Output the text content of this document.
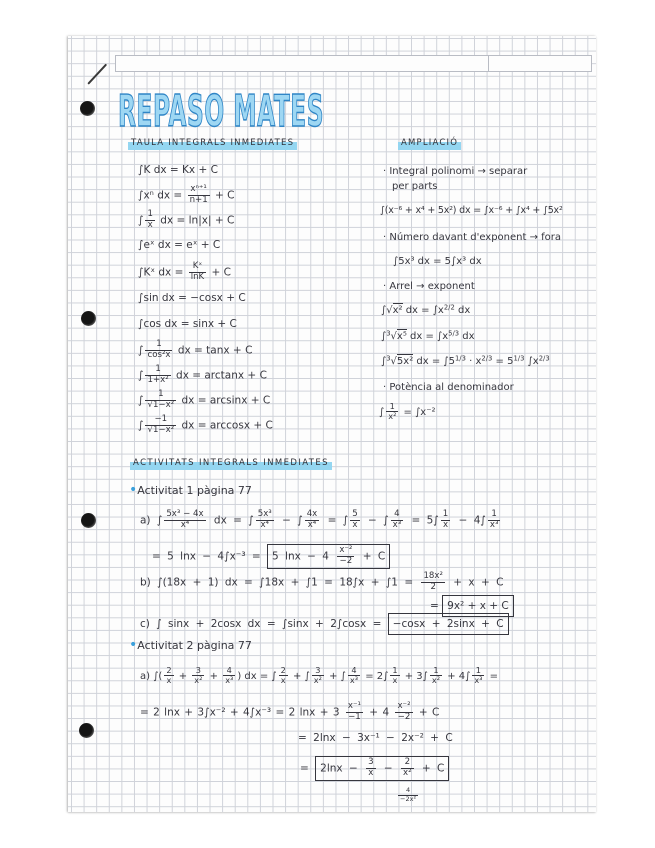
REPASO MATES
TAULA INTEGRALS INMEDIATES
∫K dx = Kx + C
∫xⁿ dx = $\frac{\text{xⁿ⁺¹}}{n+1} + C$
∫ $\frac{1}{x}$ dx = ln|x| + C
∫eˣ dx = eˣ + C
∫Kˣ dx = $\frac{\text{Kˣ}}{\ln K} + C$
∫sin dx = −cosx + C
∫cos dx = sinx + C
∫ $\frac{1}{\text{cos²x}}$ dx = tanx + C
∫ $\frac{1}{\text{1+x²}}$ dx = arctanx + C
∫ $\frac{1}{\text{√1−x²}}$ dx = arcsinx + C
∫ $\frac{-1}{\text{√1−x²}}$ dx = arccosx + C
AMPLIACIÓ
· Integral polinomi → separar
per parts
∫(x⁻⁶ + x⁴ + 5x²) dx = ∫x⁻⁶ + ∫x⁴ + ∫5x²
· Número davant d'exponent → fora
∫5x³ dx = 5∫x³ dx
· Arrel → exponent
∫√x² dx = $\int x^{2/2}$ dx
∫$^3$√x⁵ dx = $\int x^{5/3}$ dx
∫$^3$√5x² dx = $\int 5^{1/3} \cdot x^{2/3} = 5^{1/3}$ $\int x^{2/3}$
· Potència al denominador
∫ $\frac{1}{\text{x²}} = \int x^{-2}$
ACTIVITATS INTEGRALS INMEDIATES
•Activitat 1 pàgina 77
a) ∫ $\frac{\text{5x³ − 4x}}{\text{x⁴}}$ dx = ∫ $\frac{\text{5x³}}{\text{x⁴}}$ − ∫ $\frac{4x}{\text{x⁴}}$ = ∫ $\frac{5}{x}$ − ∫ $\frac{4}{\text{x³}} = 5\int \frac{1}{x} - 4\int \frac{1}{\text{x³}}$
= 5 lnx − 4∫x⁻³ = 5 $\ln x - 4 \frac{\text{x⁻²}}{-2} + C$
b) ∫(18x + 1) dx = $\int 18x + \int 1 = 18\int x + \int 1 = \frac{\text{18x²}}{2} + x + C$
= 9x² + x + C
c) ∫ sinx + 2cosx dx = ∫sinx + 2∫cosx = −cosx + 2sinx + C
•Activitat 2 pàgina 77
a) ∫( $\frac{2}{x} + \frac{3}{\text{x²}} + \frac{4}{\text{x³}}$ ) dx = ∫ $\frac{2}{x}$ + ∫ $\frac{3}{\text{x²}}$ + ∫ $\frac{4}{\text{x³}} = 2\int \frac{1}{x} + 3\int \frac{1}{\text{x²}} + 4\int \frac{1}{\text{x³}}$ =
= 2 lnx + 3∫x⁻² + 4∫x⁻³ = 2 $\ln x + 3 \frac{\text{x⁻¹}}{-1} + 4 \frac{\text{x⁻²}}{-2} + C$
= 2lnx − 3x⁻¹ − 2x⁻² + C
= $2\ln x - \frac{3}{x} - \frac{2}{\text{x²}} + C$
$\frac{4}{\text{−2x²}}$
